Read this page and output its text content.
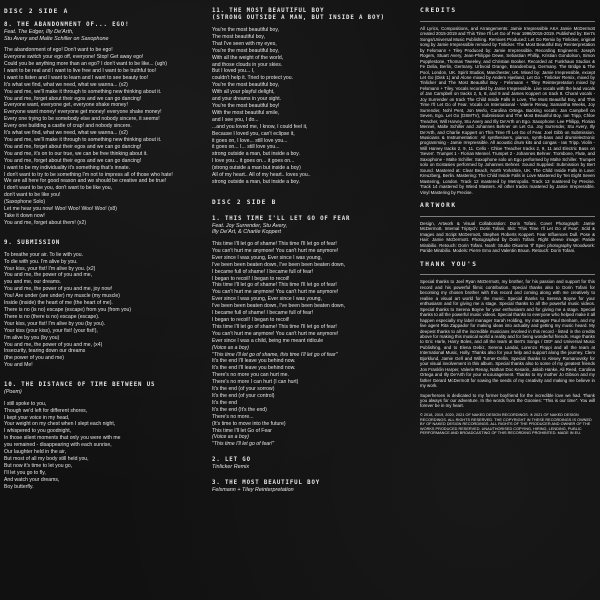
DISC 2 SIDE A

8. THE ABANDONMENT OF... EGO!

Feat. The Edger, Illy De'Arth,

Stu Avery and Malte Schiller on Saxophone

The abandonment of ego! Don't want to be ego!
Everyone switch your ego off, everyone! Stop! Get away ego!
Could you be anything more than an ego? I don't want to be like... (ugh)
I want to be real and I want to live free and I want to be truthful too!
I want to listen and I want to learn and I want to see beauty too!
It's what we find, what we need, what we wanna... (x2)
You and me, we'll make it through to something new thinking about it.
You and me, forget about their egos and we can go dancing!
Everyone want, everyone get, everyone shake money!
Everyone want money! everyone get money! everyone shake money!
Every one trying to be somebody else and nobody sincere, it seems!
Every one building a castle of crap! and nobody sincere.
It's what we find, what we need, what we wanna... (x2)
You and me, we'll make it through to something new thinking about it.
You and me, forget about their egos and we can go dancing!
You and me, it's on to our true, we can be free thinking about it.
You and me, forget about their egos and we can go dancing!
I want to be my individuality it's something that's innate.
I don't want to try to be something I'm not to impress all of those who hate!
We are all here for good reason and we should be creative and be true!
I don't want to be you, don't want to be like you,
don't want to be like you!
(Saxophone Solo)
Let me hear you now! Woo! Woo! Woo! Woo! (x8)
Take it down now!
You and me, forget about them! (x2)

9. SUBMISSION

To breathe your air. To lie with you.
To die with you. I'm alive by you.
Your kiss, your fist! I'm alive by you. (x2)
You and me, the power of you and me,
you and me, our dreams.
You and me, the power of you and me, joy now!
You! Are under (are under) my muscle (my muscle)
Inside (inside) the heart of me (the heart of me).
There is no (is no) escape (escape) from you (from you)
There is no (there is no) escape (escape).
Your kiss, your fist! I'm alive by you (by you).
Your kiss (your kiss), your fist! (your fist!),
I'm alive by you (by you)
You and me, the power of you and me, (x4)
Insecurity, tearing down our dreams
(the power of you and me)
You and Me!

10. THE DISTANCE OF TIME BETWEEN US

(Poem)

I still spoke to you,
Though we'd left for different shores,
I kept your voice in my head,
Your weight on my chest when I slept each night,
I whispered to you goodnight,
In those silent moments that only you were with me
you remained - disappearing with each sunrise,
Our laughter held in the air,
But most of all my body still held you,
But now it's time to let you go,
I'll let you go to fly,
And watch your dreams,
Boy butterfly.

11. THE MOST BEAUTIFUL BOY

(STRONG OUTSIDE A MAN, BUT INSIDE A BOY)

You're the most beautiful boy,
The most beautiful boy,
That I've seen with my eyes,
You're the most beautiful boy,
With all the weight of the world,
and those clouds in your skies.
But I loved you... I,
couldn't help it. Tried to protect you.
You're the most beautiful boy,
With all your playful delight,
and your dreams in your sight.
You're the most beautiful boy!
With the most beautiful smile,
and I see you, I do...
...and you loved me, I know, I could feel it,
Because I loved you, can't eclipse it,
it goes on, I love... still love you...
it goes on... I... still love you...
strong outside a man, but inside a boy.
I love you... it goes on... it goes on...
(strong outside a man but inside a boy)
All of my heart.. All of my heart.. loves you..
strong outside a man, but inside a boy.

DISC 2 SIDE B

1. THIS TIME I'LL LET GO OF FEAR

Feat. Joy Surrender, Stu Avery,

Illy De'Art, & Charlie Koppert

This time I'll let go of shame! This time I'll let go of fear!
You can't hurt me anymore! You can't hurt me anymore!
Ever since I was young, Ever since I was young,
I've been been beaten down, I've been been beaten down,
I became full of shame! I became full of fear!
I began to recoil! I began to recoil!
This time I'll let go of shame! This time I'll let go of fear!
You can't hurt me anymore! You can't hurt me anymore!
Ever since I was young, Ever since I was young,
I've been been beaten down, I've been been beaten down,
I became full of shame! I became full of fear!
I began to recoil! I began to recoil!
This time I'll let go of shame! This time I'll let go of fear!
You can't hurt me anymore! You can't hurt me anymore!
Ever since I was a child, being me meant ridicule
(Voice as a boy)
"This time I'll let go of shame, this time I'll let go of fear"
It's the end I'll leave you behind now.
It's the end I'll leave you behind now.
There's no more you can hurt me.
There's no more I can hurt (I can hurt)
It's the end (of your sorrow)
It's the end (of your control)
It's the end
It's the end (It's the end)
There's no more...
(It's time to move into the future)
This time I'll let Go of Fear
(Voice as a boy)
"This time I'll let go of fear!"

2. LET GO

Tinlicker Remix

3. THE MOST BEAUTIFUL BOY

Felsmann + Tiley Reinterpretation

CREDITS

All Lyrics, Compositions, and Arrangements: Jamie Irrepressible AKA Jamie McDermott created 2015-2019 and This Time I'll Let Go of Fear 1996/2015-2019. Published by: Bert's Songs/Universal Music Publishing. Remixes Produced: Let Go Remix by Tinlicker, original song by Jamie Irrepressible remixed by Tinlicker. The Most Beautiful Boy Reinterpretation by Felsmann + Tiley Produced by: Jamie Irrepressible. Recording Engineers: Joseph Rogers, Stuart Avery, Jean-Philippe Dewe, Sebastian Phillip, Kristian Gondolson, Simon Popplestone, Thomas Tweeley, and Christian Booker. Recorded at: Funkhaus Studios & Fe Delia, Berlin, Germany. Urbvoid Orange, Brandenburg, Germany. The Bridge & The Pool, London, UK. Spirit Studios, Manchester, UK. Mixed by: Jamie Irrepressible, except Let Go (Disk 1) and Alone mixed by Anders Hjerland, Let Go - Tinlicker Remix, mixed by Tinlicker and The Most Beautiful Boy - Felsmann + Tiley Reinterpretation mixed by Felsmann + Tiley. Vocals recorded by Jamie Irrepressible. Live vocals with the lead vocals of Jan Campbell on tracks 2, 5, 8, and 9 and James Koppert on track 8. Choral vocals - Joy Surrender on track The Child Inside Falls in Love, The Most Beautiful Boy, and This Time I'll Let Go of Fear. Vocals on International - Valerie Renay, Samantha Weeks, Joy Surrender, Nohl Pent, Jon Merlo, Carolina Ortega. Backing vocals: Jan Campbell on Seven, Ego. Let Go (DSMTV), Submission and The Most Beautiful Boy. Ian Tripp, Chloe Treacher, Will Harvey, Stu Avery and Illy De'Arth on Ego. Saxophone: Lee Philipp, Florian Mennel, Malte Schiller and Johannes Behner on Let Go. Joy Surrender, Stu Avery, Illy De'Arth, and Charlie Koppert on This Time I'll Let Go of Fear. Joel Gibb on Submission. Musicians & Instrumentation: All synthesisers, pianos, synth-bass and drum/electronic programming - Jamie Irrepressible. All acoustic drum kits and congas - Ian Tripp. Violin - Will Harvey tracks 2, 9, 11. Cello - Chloe Treacher tracks 2, 9, 11 and Electric Bass on 'Seven'. Trumpet 1 - Florian Mennel. Trumpet 2 - Johannes Behner. Trombone, Flute, and Saxophone - Malte Schiller. Saxophone solo on Ego performed by Malte Schiller. Trumpet solo on Ecstasies performed by Johannes Behner. Sound Supplied: Submission by Bert Sound. Mastered at: Clear Beach, North Yorkshire, UK. The Child Inside Falls in Love: Kreuzberg, Berlin. Mastering: The Child Inside Falls in Love Mastered by Ten Eight Seven Mastering, London. Track 12 mastered by Metropolis. Track 13 mastered by Precise. Track 14 mastered by Wired Masters. All other tracks mastered by Jamie Irrepressible. Vinyl Mastering by Precise.

ARTWORK

Design, Artwork & Visual Collaboration: Dorin Tofani. Cover Photograph: Jamie McDermott. Internal Triptych: Dorin Tofani. Skit: 'This Time I'll Let Go of Fear', Scld & Images and Script McDermott, Stephen Roberts Koppert. Fear Influences Dull. Pose & Hair: Jamie McDermott. Photographed by Dorin Tofani. Right sleeve image: Paride Mirabilio. Retouch: Dorin Tofani. Noah: Studio Okusma 'If' Spec photography Woodwork: Paride Mirabilio. Models: Pierre Emo and Valentin Bruun. Retouch: Dorin Tofani.

THANK YOU'S

Special thanks to Joel Ryan McDermott, my brother, for his passion and support for this record and his powerful filmic contribution. Special thanks also to Dorin Tofani for becoming my chosen brother with this record and coming along with me creatively to realise a visual art world for the music. Special thanks to Serena Boyne for your enthusiasm and for giving me a stage. Special thanks to all the powerful music videos. Special thanks to Serena Boyne for your enthusiasm and for giving me a stage. Special thanks to all the powerful music videos. Special thanks to everyone who helped make it all happen especially my label manager Sarah Holding, my manager Paul Benham, and my live agent Rita Zappador for making ideas into actuality and getting my music heard. My deepest thanks to all the incredible musicians involved in this record - listed in the credits above for making this musical world a reality and for being wonderful friends. Huge thanks to Eric Harle, Harry Boles, and all the team at Bert's Songs / DEF and Universal Music Publishing, and to Elena Debiz, Serena Landai, Lorenzo Floppi and all the team at International Music, Holly. Thanks also for your help and support along the journey. Clem Bjorklund, Jamie Gell and Will Turner-Dellin. Special thanks to Alexey Romanovsky for your visual involvement in this album. Special thanks also to some of my greatest friends Jon Franklin Harper, Valerie Renay, Nathan Doc Kesarin, Jakob Hanke, Ali Reed, Carolina Ortega and Illy De'Arth for your encouragement. Thanks to my mother Jo Gibson and my father Gerard McDermott for sowing the seeds of my creativity and making me believe in my work.

Superheroes is dedicated to my former boyfriend for the incredible love we had. Thank you always for our adventure. In the words from the Goonies: "This is our time". You will forever be in my heart.

© 2018, 2019, 2020, 2021 OF NAKED DESIGN RECORDINGS. ℗ 2021 OF NAKED DESIGN RECORDINGS. ALL RIGHTS RESERVED. THE COPYRIGHT IN THESE RECORDINGS IS OWNED BY OF NAKED DESIGN RECORDINGS. ALL RIGHTS OF THE PRODUCER AND OWNER OF THE WORKS PRODUCED RESERVED. UNAUTHORISED COPYING, HIRING, LENDING, PUBLIC PERFORMANCE AND BROADCASTING OF THIS RECORDING PROHIBITED. MADE IN EU.
